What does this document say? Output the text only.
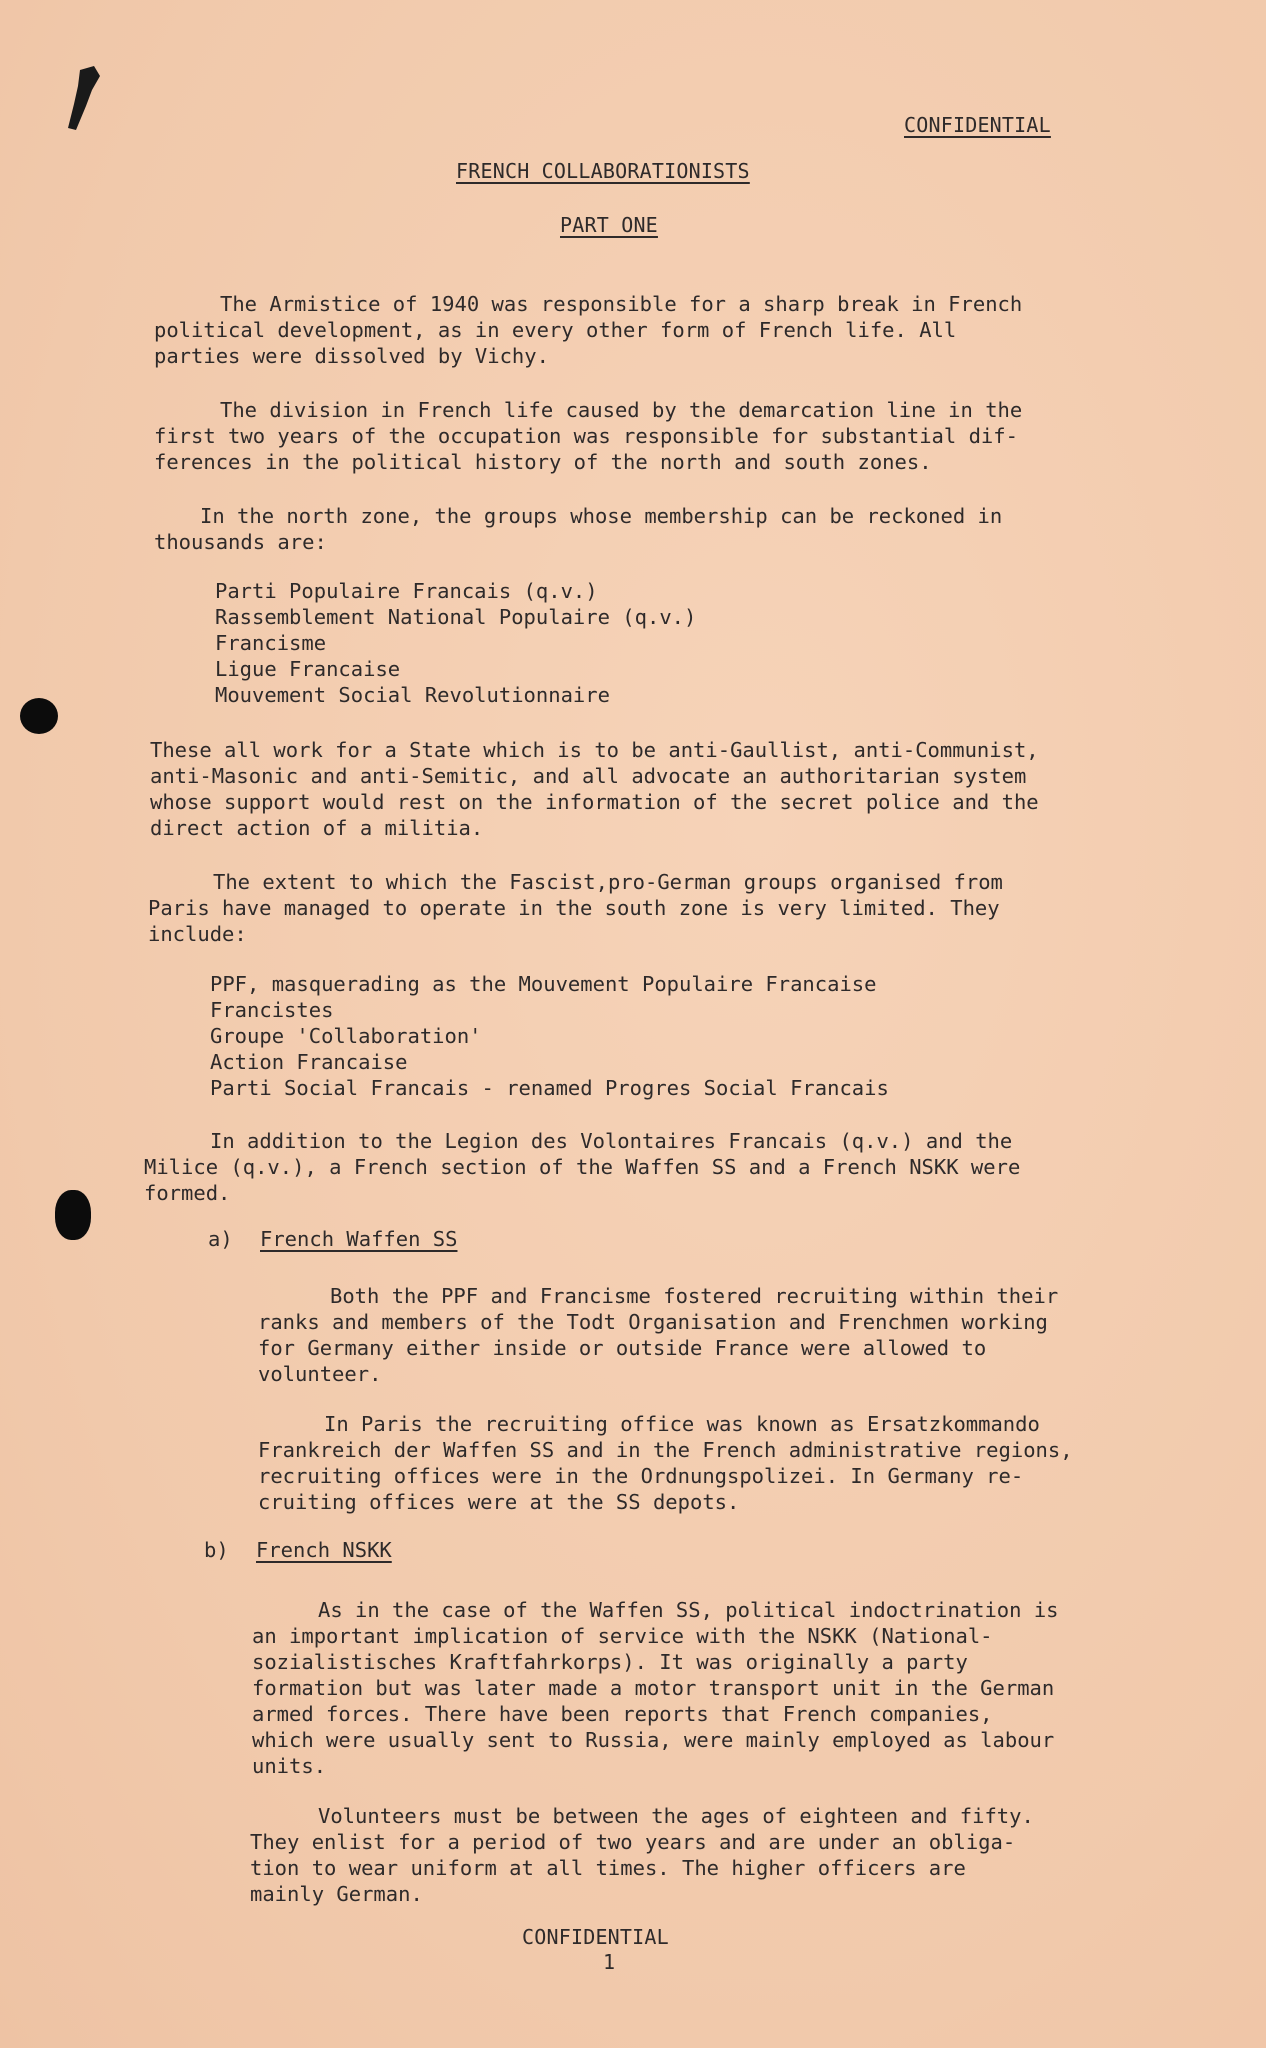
CONFIDENTIAL
FRENCH COLLABORATIONISTS
PART ONE
The Armistice of 1940 was responsible for a sharp break in French
political development, as in every other form of French life. All
parties were dissolved by Vichy.
The division in French life caused by the demarcation line in the
first two years of the occupation was responsible for substantial dif-
ferences in the political history of the north and south zones.
In the north zone, the groups whose membership can be reckoned in
thousands are:
Parti Populaire Francais (q.v.)
Rassemblement National Populaire (q.v.)
Francisme
Ligue Francaise
Mouvement Social Revolutionnaire
These all work for a State which is to be anti-Gaullist, anti-Communist,
anti-Masonic and anti-Semitic, and all advocate an authoritarian system
whose support would rest on the information of the secret police and the
direct action of a militia.
The extent to which the Fascist,pro-German groups organised from
Paris have managed to operate in the south zone is very limited. They
include:
PPF, masquerading as the Mouvement Populaire Francaise
Francistes
Groupe 'Collaboration'
Action Francaise
Parti Social Francais - renamed Progres Social Francais
In addition to the Legion des Volontaires Francais (q.v.) and the
Milice (q.v.), a French section of the Waffen SS and a French NSKK were
formed.
a) French Waffen SS
Both the PPF and Francisme fostered recruiting within their
ranks and members of the Todt Organisation and Frenchmen working
for Germany either inside or outside France were allowed to
volunteer.
In Paris the recruiting office was known as Ersatzkommando
Frankreich der Waffen SS and in the French administrative regions,
recruiting offices were in the Ordnungspolizei. In Germany re-
cruiting offices were at the SS depots.
b) French NSKK
As in the case of the Waffen SS, political indoctrination is
an important implication of service with the NSKK (National-
sozialistisches Kraftfahrkorps). It was originally a party
formation but was later made a motor transport unit in the German
armed forces. There have been reports that French companies,
which were usually sent to Russia, were mainly employed as labour
units.
Volunteers must be between the ages of eighteen and fifty.
They enlist for a period of two years and are under an obliga-
tion to wear uniform at all times. The higher officers are
mainly German.
CONFIDENTIAL
1
